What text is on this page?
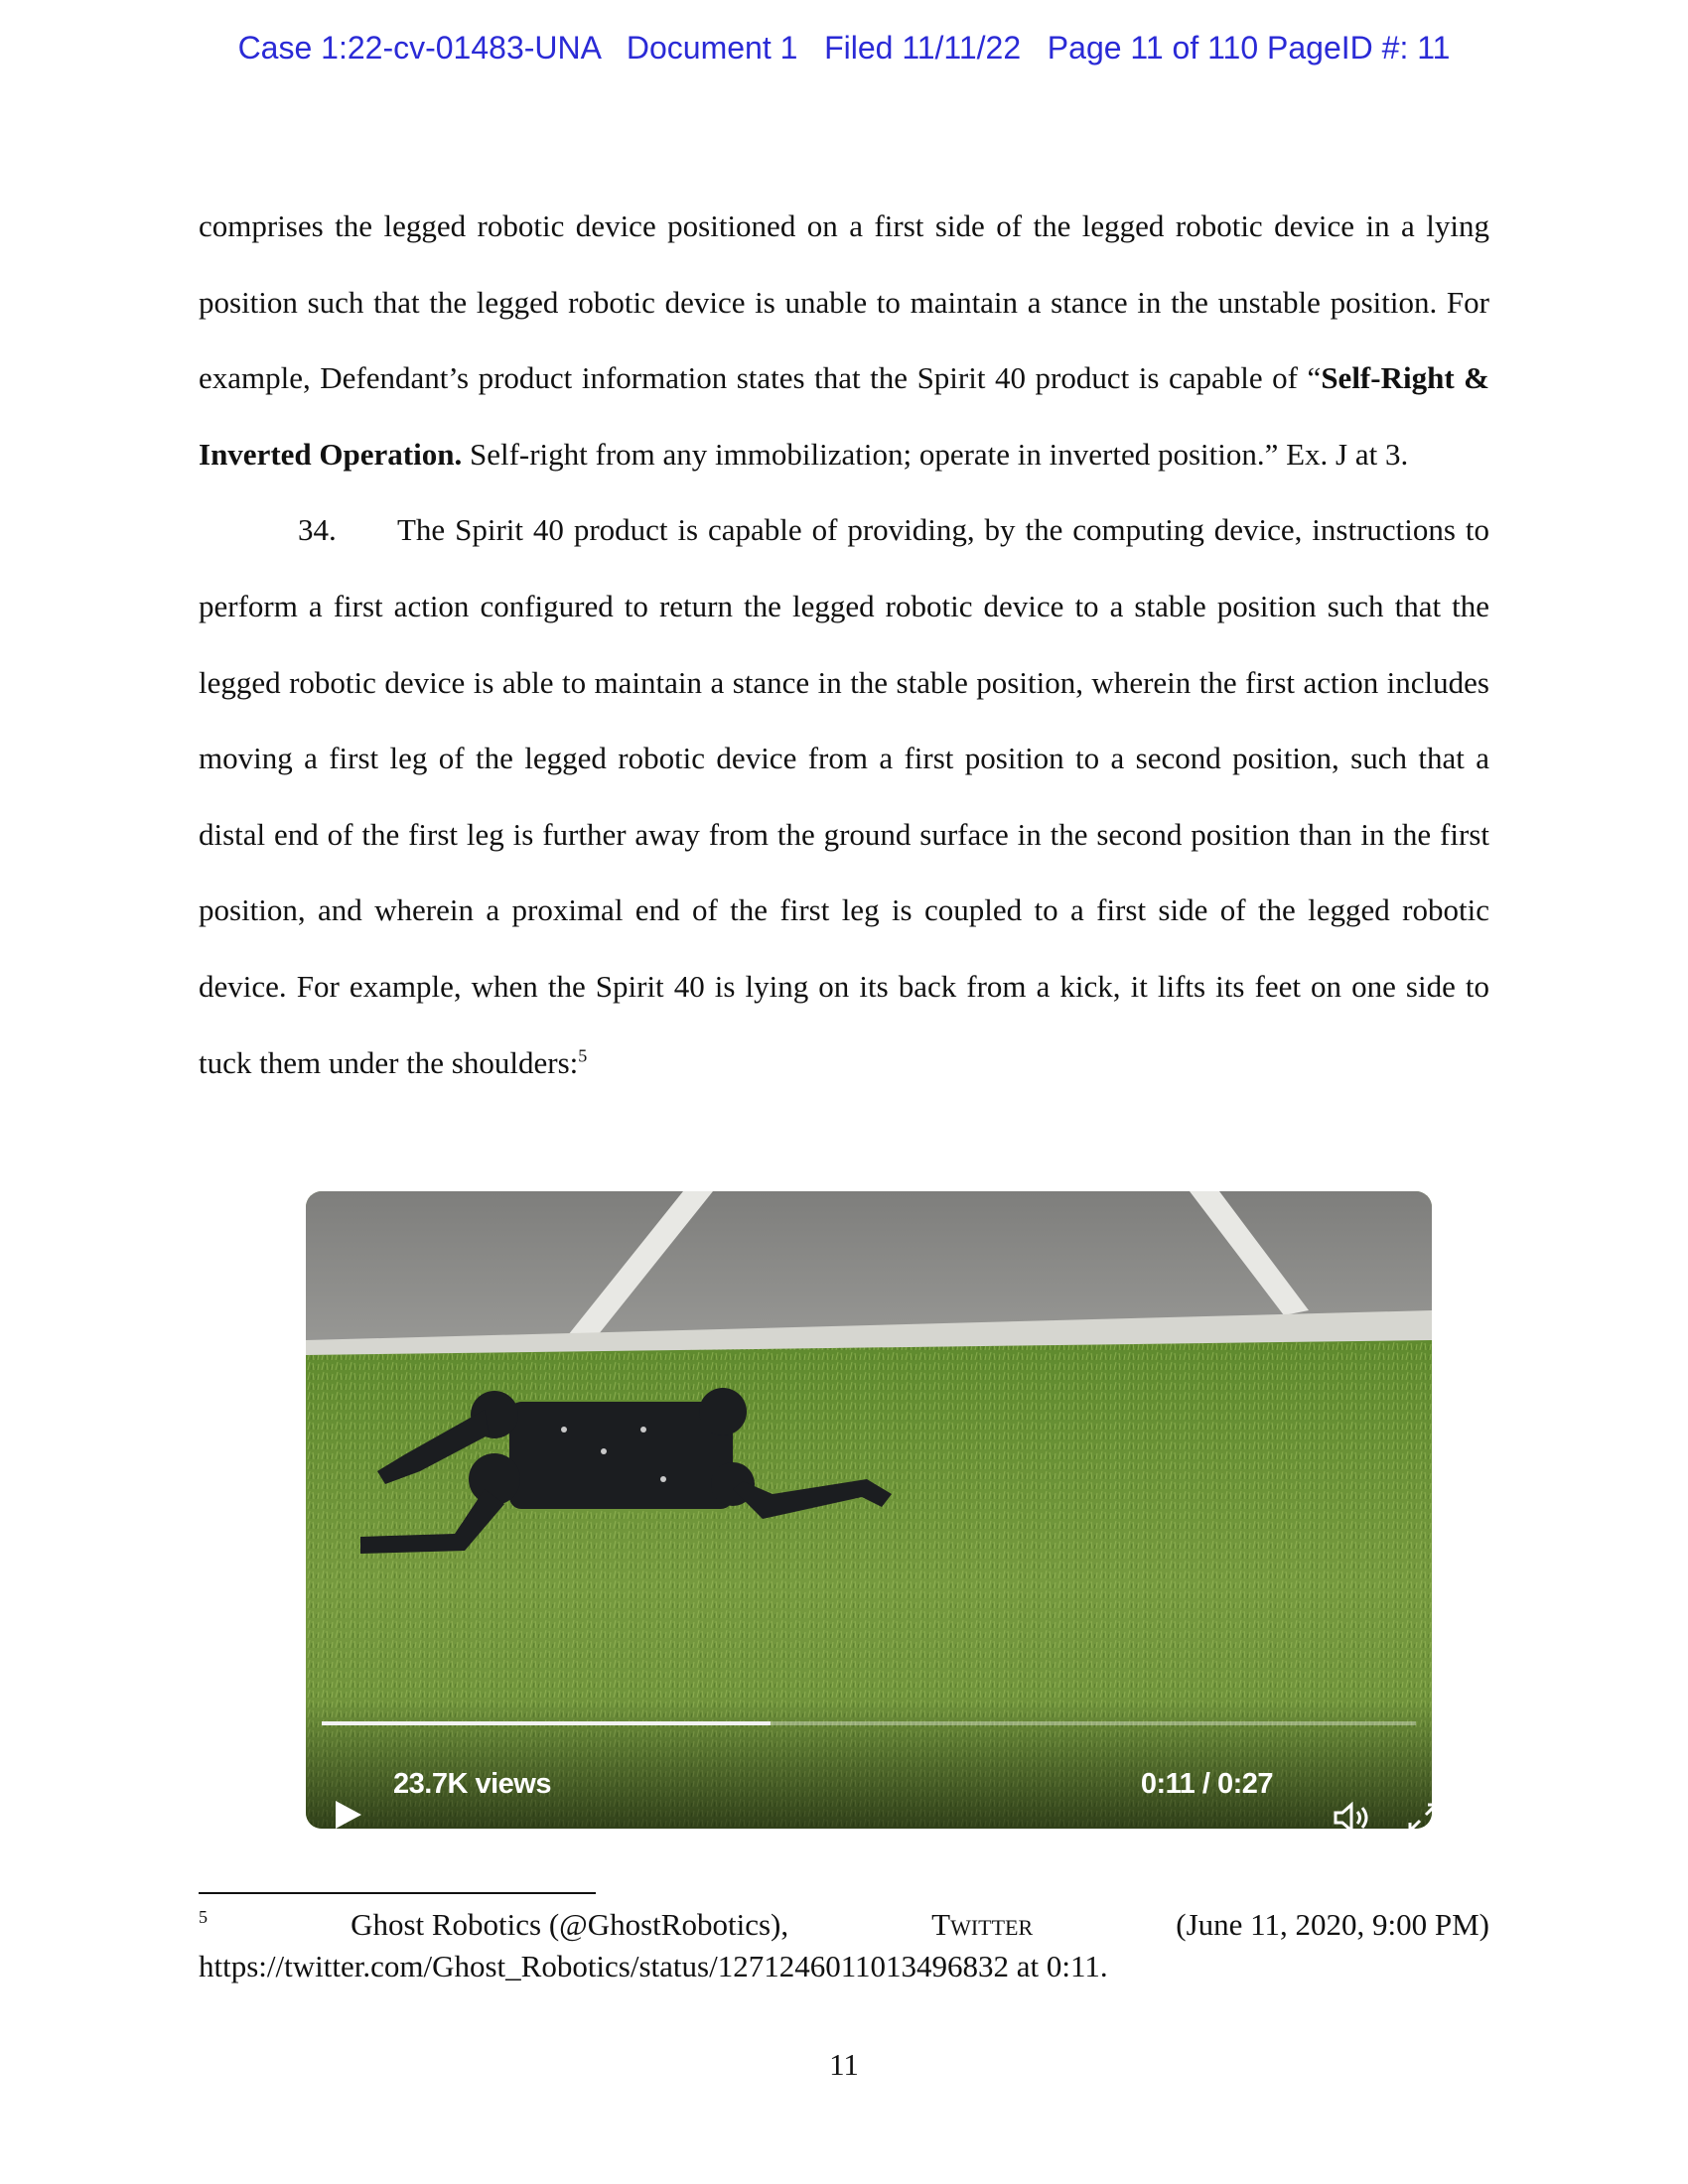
Case 1:22-cv-01483-UNA Document 1 Filed 11/11/22 Page 11 of 110 PageID #: 11

comprises the legged robotic device positioned on a first side of the legged robotic device in a lying position such that the legged robotic device is unable to maintain a stance in the unstable position. For example, Defendant’s product information states that the Spirit 40 product is capable of “Self-Right & Inverted Operation. Self-right from any immobilization; operate in inverted position.” Ex. J at 3.

34. The Spirit 40 product is capable of providing, by the computing device, instructions to perform a first action configured to return the legged robotic device to a stable position such that the legged robotic device is able to maintain a stance in the stable position, wherein the first action includes moving a first leg of the legged robotic device from a first position to a second position, such that a distal end of the first leg is further away from the ground surface in the second position than in the first position, and wherein a proximal end of the first leg is coupled to a first side of the legged robotic device. For example, when the Spirit 40 is lying on its back from a kick, it lifts its feet on one side to tuck them under the shoulders:$^5$

23.7K views	0:11 / 0:27
5	Ghost Robotics (@GhostRobotics),	Twitter	(June 11, 2020, 9:00 PM)
https://twitter.com/Ghost_Robotics/status/1271246011013496832 at 0:11.
11
